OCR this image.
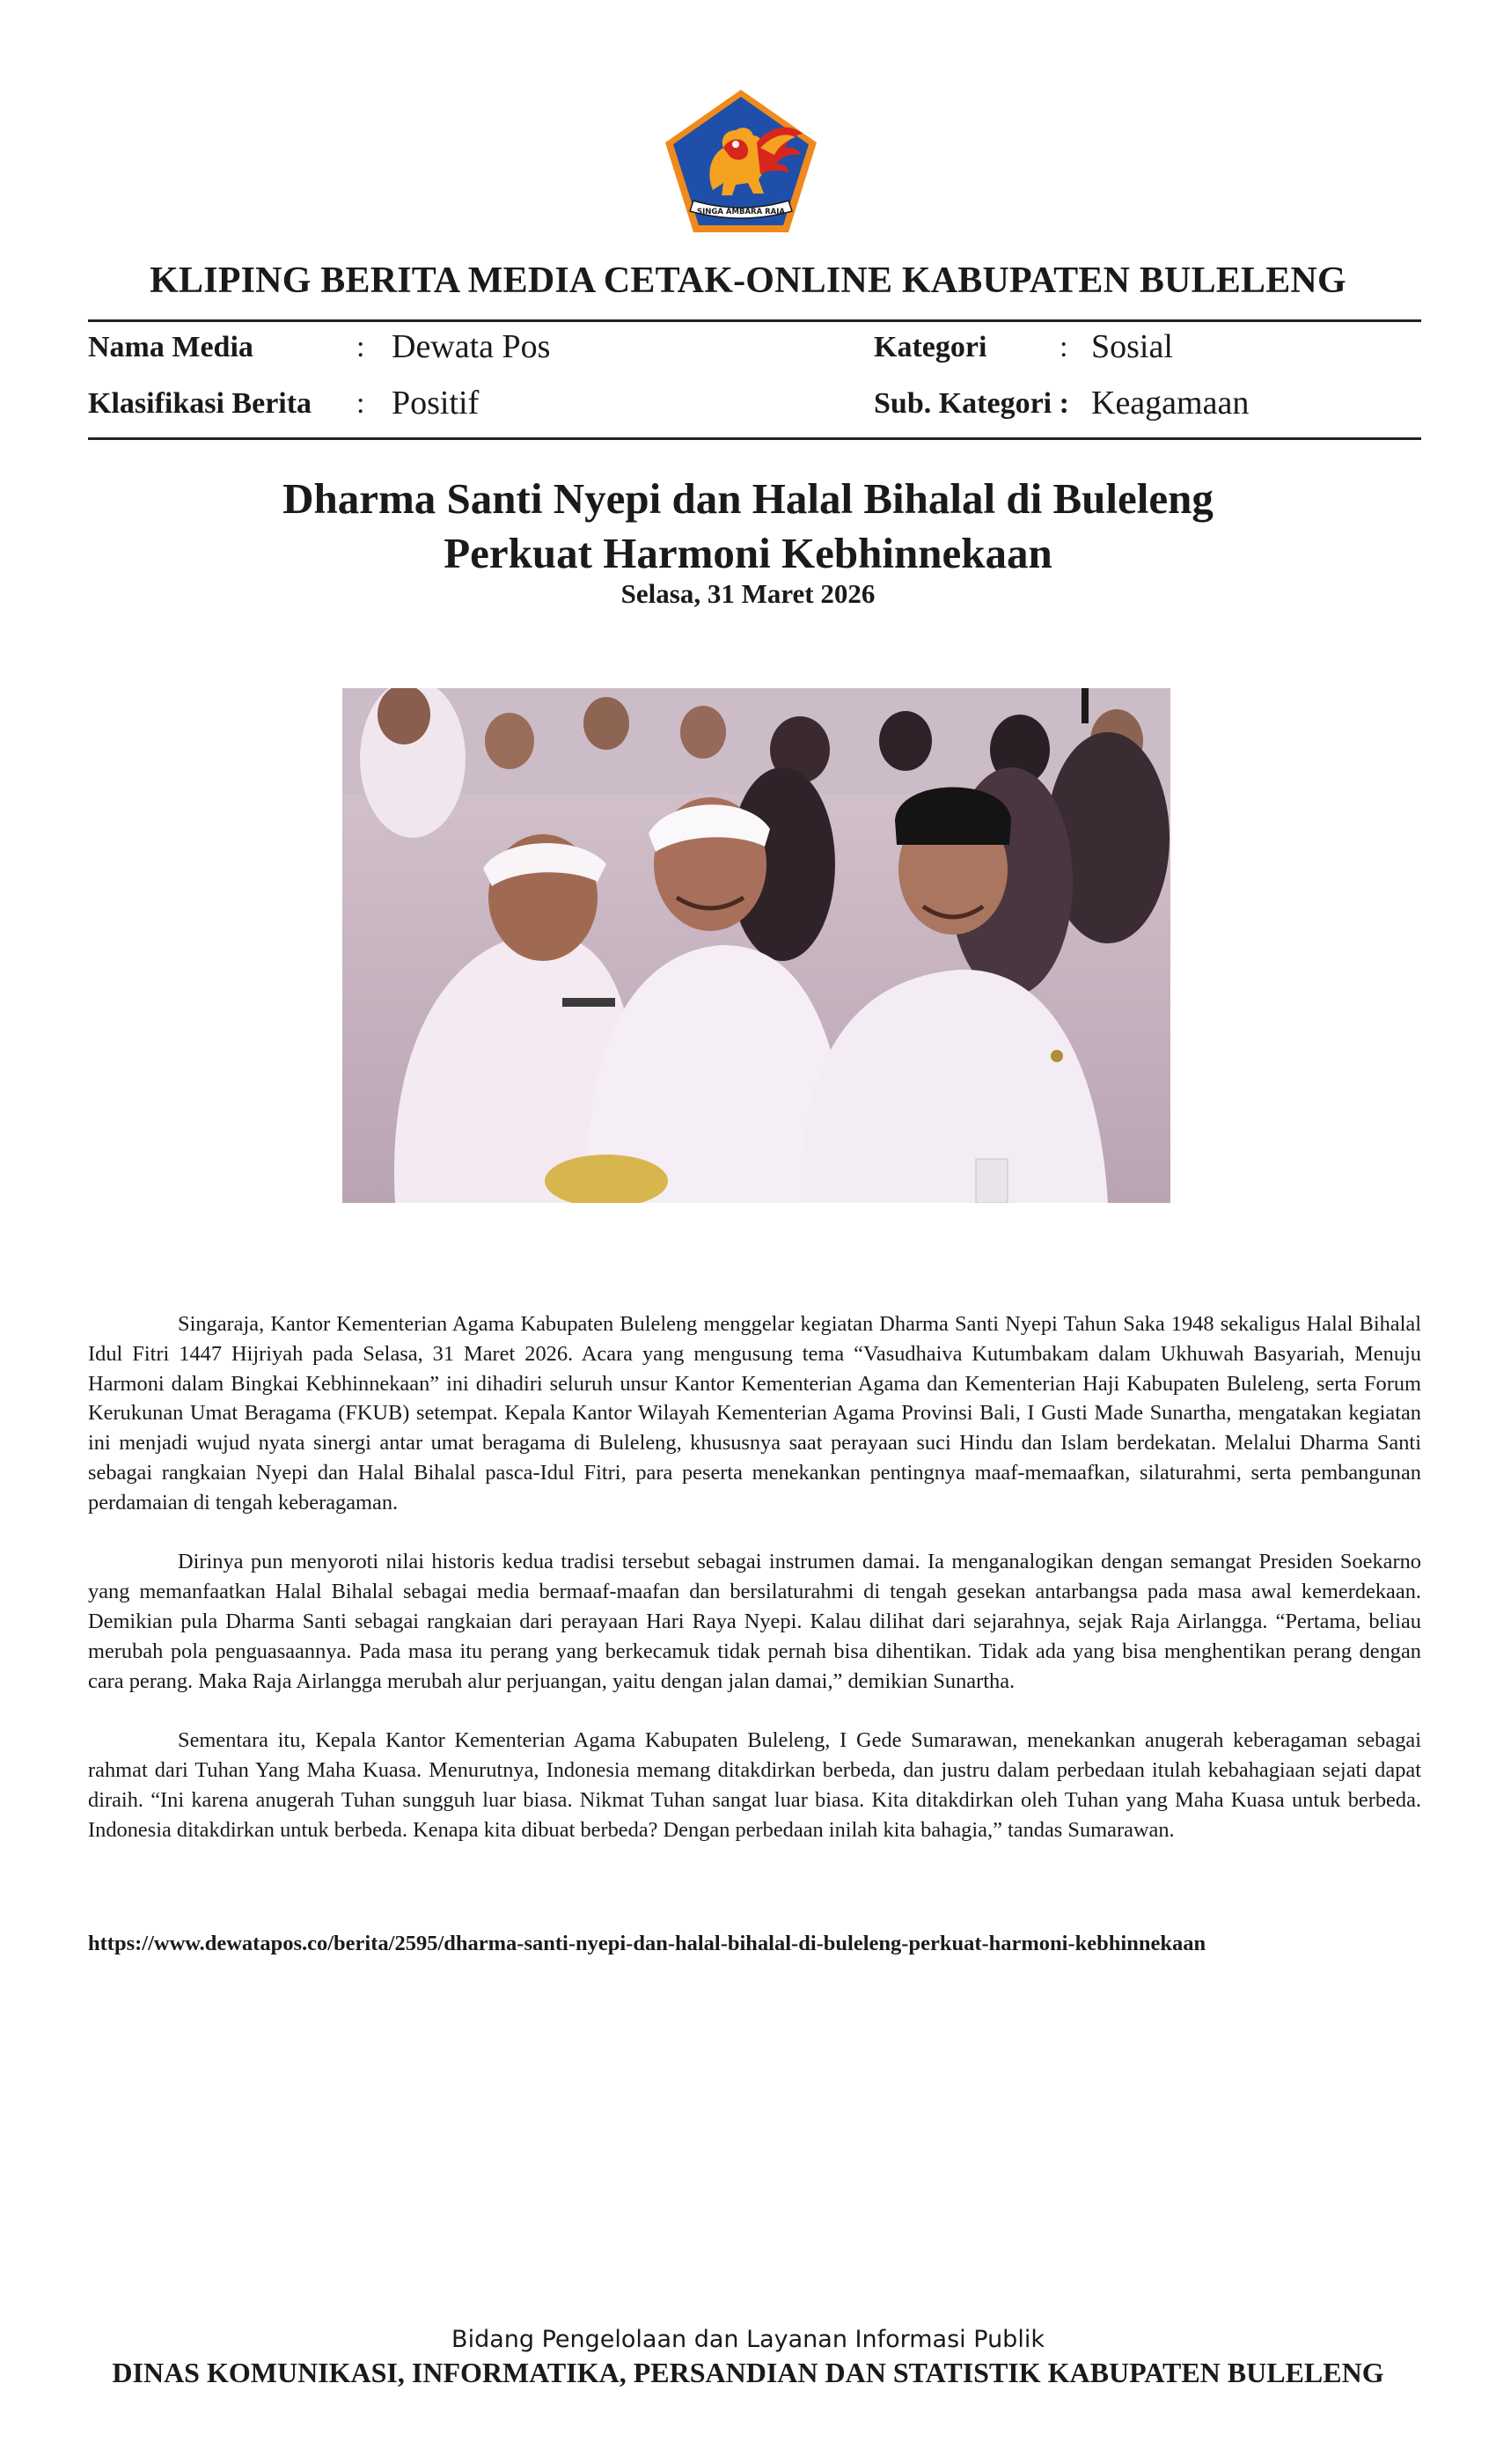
SINGA AMBARA RAJA
KLIPING BERITA MEDIA CETAK-ONLINE KABUPATEN BULELENG
Nama Media	: Dewata Pos	Kategori : Sosial
Klasifikasi Berita : Positif	Sub. Kategori : Keagamaan
Dharma Santi Nyepi dan Halal Bihalal di Buleleng
Perkuat Harmoni Kebhinnekaan
Selasa, 31 Maret 2026

Singaraja, Kantor Kementerian Agama Kabupaten Buleleng menggelar kegiatan Dharma Santi Nyepi Tahun Saka 1948 sekaligus Halal Bihalal Idul Fitri 1447 Hijriyah pada Selasa, 31 Maret 2026. Acara yang mengusung tema “Vasudhaiva Kutumbakam dalam Ukhuwah Basyariah, Menuju Harmoni dalam Bingkai Kebhinnekaan” ini dihadiri seluruh unsur Kantor Kementerian Agama dan Kementerian Haji Kabupaten Buleleng, serta Forum Kerukunan Umat Beragama (FKUB) setempat. Kepala Kantor Wilayah Kementerian Agama Provinsi Bali, I Gusti Made Sunartha, mengatakan kegiatan ini menjadi wujud nyata sinergi antar umat beragama di Buleleng, khususnya saat perayaan suci Hindu dan Islam berdekatan. Melalui Dharma Santi sebagai rangkaian Nyepi dan Halal Bihalal pasca-Idul Fitri, para peserta menekankan pentingnya maaf-memaafkan, silaturahmi, serta pembangunan perdamaian di tengah keberagaman.

Dirinya pun menyoroti nilai historis kedua tradisi tersebut sebagai instrumen damai. Ia menganalogikan dengan semangat Presiden Soekarno yang memanfaatkan Halal Bihalal sebagai media bermaaf-maafan dan bersilaturahmi di tengah gesekan antarbangsa pada masa awal kemerdekaan. Demikian pula Dharma Santi sebagai rangkaian dari perayaan Hari Raya Nyepi. Kalau dilihat dari sejarahnya, sejak Raja Airlangga. “Pertama, beliau merubah pola penguasaannya. Pada masa itu perang yang berkecamuk tidak pernah bisa dihentikan. Tidak ada yang bisa menghentikan perang dengan cara perang. Maka Raja Airlangga merubah alur perjuangan, yaitu dengan jalan damai,” demikian Sunartha.

Sementara itu, Kepala Kantor Kementerian Agama Kabupaten Buleleng, I Gede Sumarawan, menekankan anugerah keberagaman sebagai rahmat dari Tuhan Yang Maha Kuasa. Menurutnya, Indonesia memang ditakdirkan berbeda, dan justru dalam perbedaan itulah kebahagiaan sejati dapat diraih. “Ini karena anugerah Tuhan sungguh luar biasa. Nikmat Tuhan sangat luar biasa. Kita ditakdirkan oleh Tuhan yang Maha Kuasa untuk berbeda. Indonesia ditakdirkan untuk berbeda. Kenapa kita dibuat berbeda? Dengan perbedaan inilah kita bahagia,” tandas Sumarawan.

https://www.dewatapos.co/berita/2595/dharma-santi-nyepi-dan-halal-bihalal-di-buleleng-perkuat-harmoni-kebhinnekaan
Bidang Pengelolaan dan Layanan Informasi Publik
DINAS KOMUNIKASI, INFORMATIKA, PERSANDIAN DAN STATISTIK KABUPATEN BULELENG
